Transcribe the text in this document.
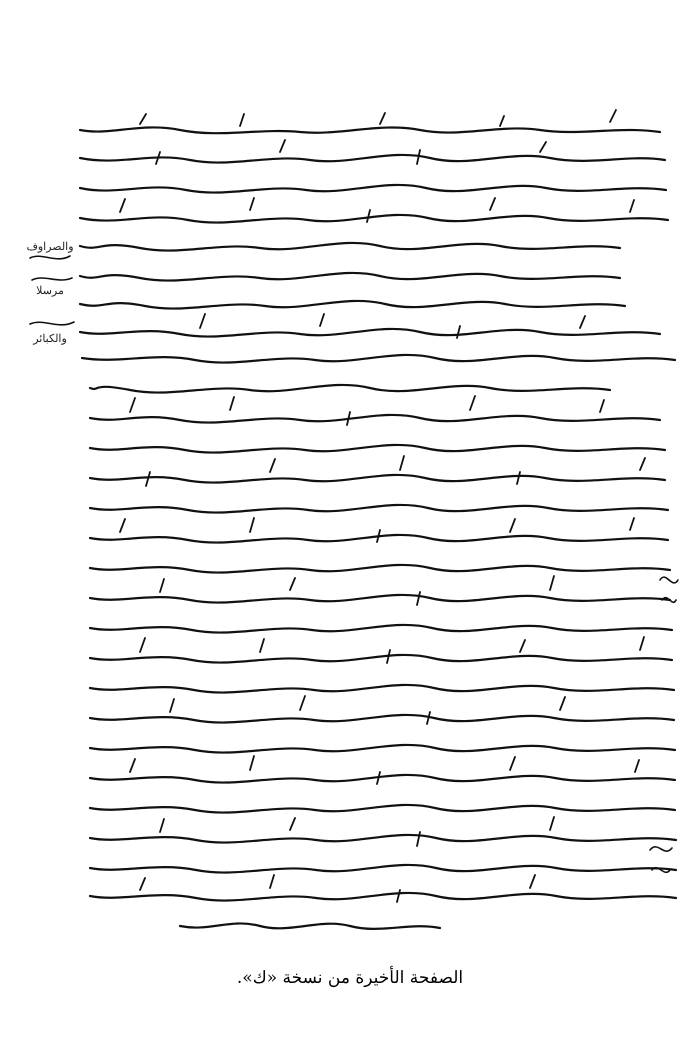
والصراوف
مرسلا
والكبائر
الصفحة الأخيرة من نسخة «ك».
